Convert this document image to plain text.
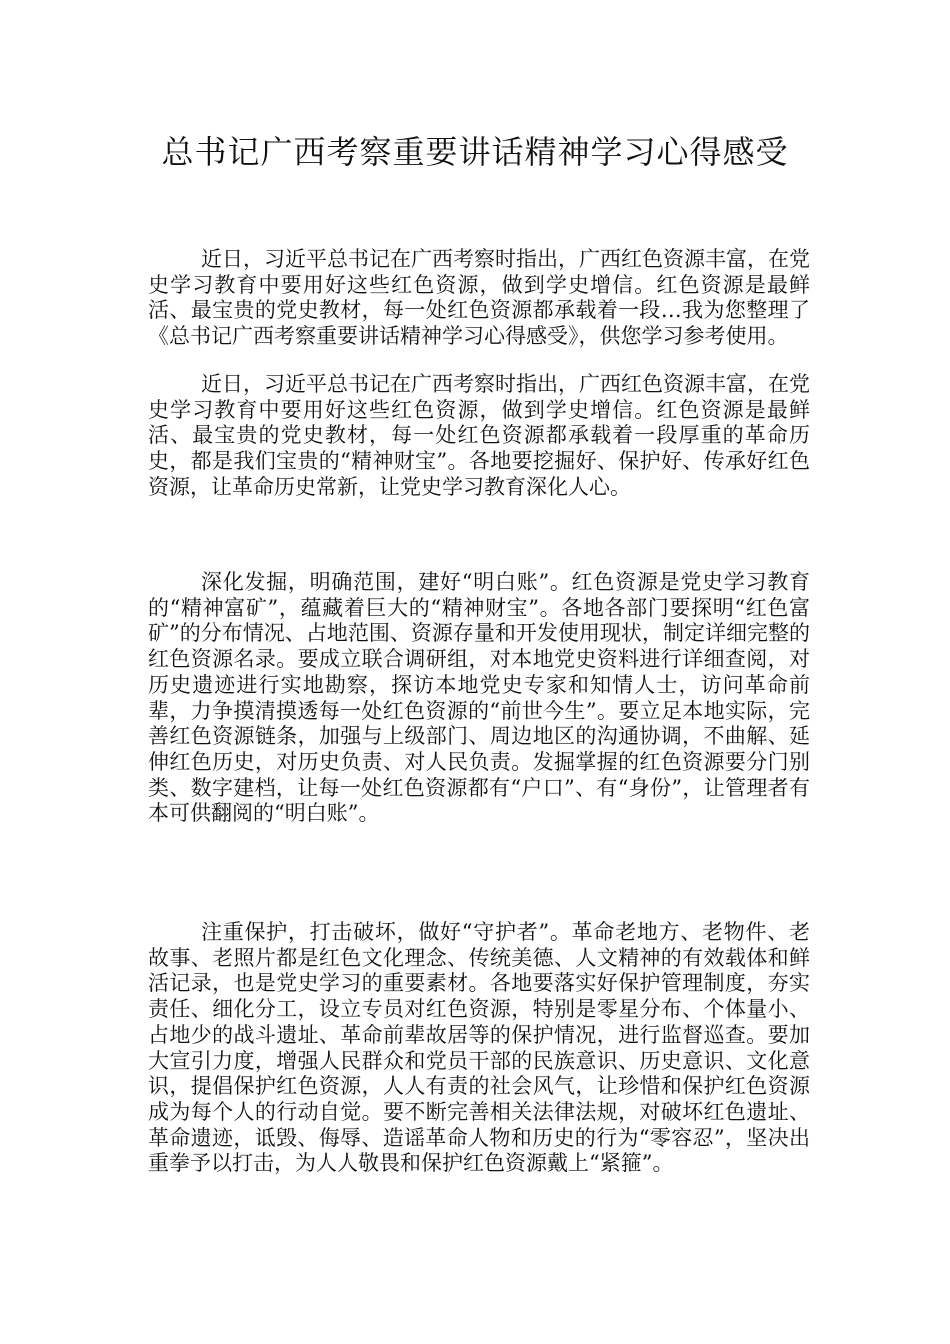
总书记广西考察重要讲话精神学习心得感受

近日，习近平总书记在广西考察时指出，广西红色资源丰富，在党史学习教育中要用好这些红色资源，做到学史增信。红色资源是最鲜活、最宝贵的党史教材，每一处红色资源都承载着一段…我为您整理了《总书记广西考察重要讲话精神学习心得感受》，供您学习参考使用。

近日，习近平总书记在广西考察时指出，广西红色资源丰富，在党史学习教育中要用好这些红色资源，做到学史增信。红色资源是最鲜活、最宝贵的党史教材，每一处红色资源都承载着一段厚重的革命历史，都是我们宝贵的“精神财宝”。各地要挖掘好、保护好、传承好红色资源，让革命历史常新，让党史学习教育深化人心。

深化发掘，明确范围，建好“明白账”。红色资源是党史学习教育的“精神富矿”，蕴藏着巨大的“精神财宝”。各地各部门要探明“红色富矿”的分布情况、占地范围、资源存量和开发使用现状，制定详细完整的红色资源名录。要成立联合调研组，对本地党史资料进行详细查阅，对历史遗迹进行实地勘察，探访本地党史专家和知情人士，访问革命前辈，力争摸清摸透每一处红色资源的“前世今生”。要立足本地实际，完善红色资源链条，加强与上级部门、周边地区的沟通协调，不曲解、延伸红色历史，对历史负责、对人民负责。发掘掌握的红色资源要分门别类、数字建档，让每一处红色资源都有“户口”、有“身份”，让管理者有本可供翻阅的“明白账”。

注重保护，打击破坏，做好“守护者”。革命老地方、老物件、老故事、老照片都是红色文化理念、传统美德、人文精神的有效载体和鲜活记录，也是党史学习的重要素材。各地要落实好保护管理制度，夯实责任、细化分工，设立专员对红色资源，特别是零星分布、个体量小、占地少的战斗遗址、革命前辈故居等的保护情况，进行监督巡查。要加大宣引力度，增强人民群众和党员干部的民族意识、历史意识、文化意识，提倡保护红色资源，人人有责的社会风气，让珍惜和保护红色资源成为每个人的行动自觉。要不断完善相关法律法规，对破坏红色遗址、革命遗迹，诋毁、侮辱、造谣革命人物和历史的行为“零容忍”，坚决出重拳予以打击，为人人敬畏和保护红色资源戴上“紧箍”。
